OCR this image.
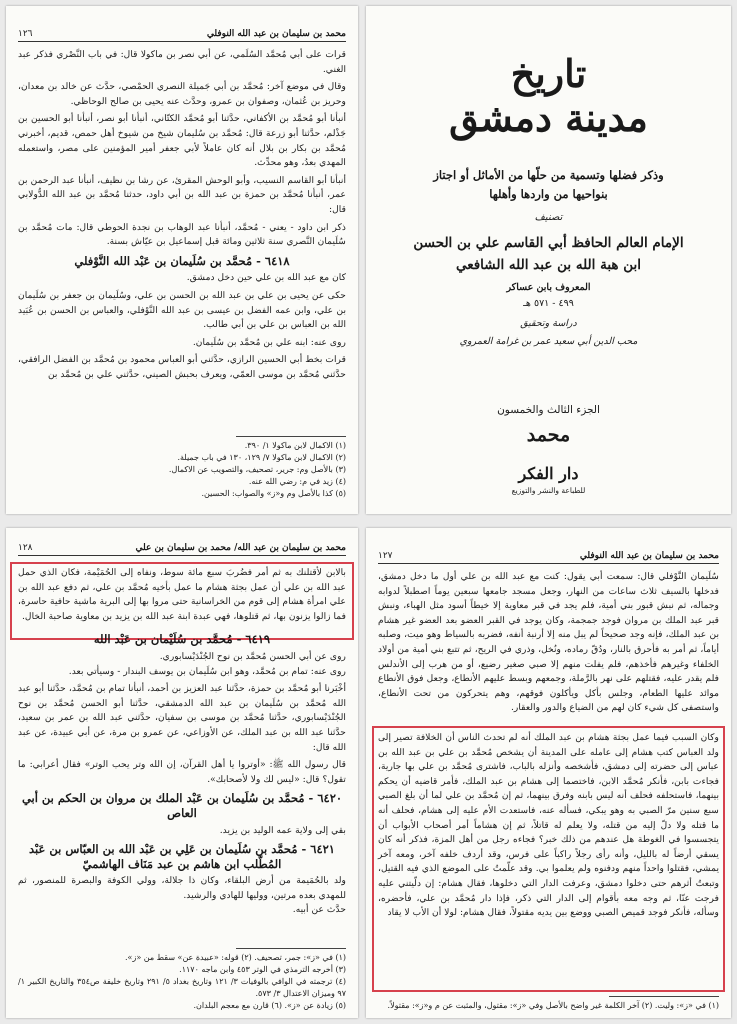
محمد بن سليمان بن عبد الله النوفلي
١٢٦

قرات على أبي مُحمَّد السُلَمي، عن أبي نصر بن ماكولا قال: في باب النَّصْري فذكر عبد الغني.

وقال في موضع آخر: مُحمَّد بن أبي جَميلة النصري الحمْصي، حدَّث عن خالد بن معدان، وحريز بن عُثمان، وصفوان بن عمرو، وحدَّث عنه يحيى بن صالح الوحاظي.

أنبأنا أبو مُحمَّد بن الأكفاني، حدَّثنا أبو مُحمَّد الكتّاني، أنبأنا أبو نصر، أنبأنا أبو الحسين بن جَذْلم، حدَّثنا أبو زرعة قال: مُحمَّد بن سُليمان شيخ من شيوخ أهل حمص، قديم، أخبرني مُحمَّد بن بكار بن بلال أنه كان عاملاً لأبي جعفر أمير المؤمنين على مصر، واستعمله المهدي بعدُ، وهو محدِّث.

أنبأنا أبو القاسم النسيب، وأبو الوحش المقرئ، عن رشا بن نظيف، أنبأنا عبد الرحمن بن عمر، أنبأنا مُحمَّد بن حمزة بن عبد الله بن أبي داود، حدثنا مُحمَّد بن عبد الله الدُّولابي قال:

ذكر ابن داود - يعني - مُحمَّد، أنبأنا عبد الوهاب بن نجدة الحوطي قال: مات مُحمَّد بن سُلَيمان النَّصري سنة ثلاثين ومائة قبل إسماعيل بن عيّاش بسنة.

٦٤١٨ - مُحمَّد بن سُلَيمان بن عَبْد الله النَّوْفلي

كان مع عبد الله بن علي حين دخل دمشق.

حكى عن يحيى بن علي بن عبد الله بن الحسن بن علي، وسُلَيمان بن جعفر بن سُلَيمان بن علي، وابن عمه الفضل بن عيسى بن عبد الله النَّوْفلي، والعباس بن الحسن بن عُبَيد الله بن العباس بن علي بن أبي طالب.

روى عنه: ابنه علي بن مُحمَّد بن سُلَيمان.

قرات بخط أبي الحسين الرازي، حدَّثني أبو العباس محمود بن مُحمَّد بن الفضل الرافقي، حدَّثني مُحمَّد بن موسى العمّي، ويعرف بحبش الصيني، حدَّثني علي بن مُحمَّد بن

(١) الاكمال لابن ماكولا ١/ ٣٩٠.
(٢) الاكمال لابن ماكولا ٧/ ١٢٩، ١٣٠ في باب جميلة.
(٣) بالأصل وم: جرير، تصحيف، والتصويب عن الاكمال.
(٤) زيد في م: رضي الله عنه.
(٥) كذا بالأصل وم و«ز» والصواب: الحسين.
تاريخ
مدينة دمشق
وذكر فضلها وتسمية من حلّها من الأماثل أو اجتاز
بنواحيها من واردها وأهلها
تصنيف
الإمام العالم الحافظ أبي القاسم علي بن الحسن
ابن هبة الله بن عبد الله الشافعي
المعروف بابن عساكر
٤٩٩ - ٥٧١ هـ
دراسة وتحقيق
محب الدين أبي سعيد عمر بن غرامة العمروي
الجزء الثالث والخمسون
محمد
دار الفكر
للطباعة والنشر والتوزيع
محمد بن سليمان بن عبد الله/ محمد بن سليمان بن علي
١٢٨

بالابن لأقتلنك به ثم أمر فضُربَ سبع مائة سوط، ونفاه إلى الحُمَيْمة، فكان الذي حمل عبد الله بن علي أن عمل بجثة هشام ما عمل بأخيه مُحمَّد بن علي، ثم دفع عبد الله بن علي امرأة هشام إلى قوم من الخراسانية حتى مروا بها إلى البرية ماشية حافية حاسرة، فما زالوا يزنون بها، ثم قتلوها، فهي عبدة ابنة عبد الله بن يزيد بن معاوية صاحبة الخال.

٦٤١٩ - مُحمَّد بن سُلَيْمان بن عَبْد الله

روى عن أبي الحسن مُحمَّد بن نوح الجُنْدَيْسابوري.

روى عنه: تمام بن مُحمَّد، وهو ابن سُلَيمان بن يوسف البندار - وسيأتي بعد.

أخْبَرنا أبو مُحمَّد بن حمزة، حدَّثنا عبد العزيز بن أحمد، أنبأنا تمام بن مُحمَّد، حدَّثنا أبو عبد الله مُحمَّد بن سُلَيمان بن عبد الله الدمشقي، حدَّثنا أبو الحسن مُحمَّد بن نوح الجُنْدَيْسابوري، حدَّثنا مُحمَّد بن موسى بن سفيان، حدَّثني عبد الله بن عمر بن سعيد، حدَّثنا عبد الله بن عبد الملك، عن الأوزاعي، عن عمرو بن مرة، عن أبي عبيدة، عن عبد الله قال:

قال رسول الله ﷺ: «أوتروا يا أهل القرآن، إن الله وتر يحب الوتر» فقال أعرابي: ما تقول؟ قال: «ليس لك ولا لأصحابك».

٦٤٢٠ - مُحمَّد بن سُلَيمان بن عَبْد الملك بن مروان بن الحكم بن أبي العاص

بقي إلى ولاية عمه الوليد بن يزيد.

٦٤٢١ - مُحمَّد بن سُلَيمان بن عَلِي بن عَبْد الله بن العبّاس بن عَبْد المُطّلب ابن هاشم بن عبد مَنَاف الهاشميّ

ولد بالحُمَيمة من أرض البلقاء، وكان ذا جلالة، وولي الكوفة والبصرة للمنصور، ثم للمهدي بعده مرتين، ووليها للهادي والرشيد.

حدَّث عن أبيه.

(١) في «ز»: جمر، تصحيف. (٢) قوله: «عبيدة عن» سقط من «ز».
(٣) أخرجه الترمذي في الوتر ٤٥٣ وابن ماجه ١١٧٠.
(٤) ترجمته في الوافي بالوفيات ٣/ ١٢١ وتاريخ بغداد ٥/ ٢٩١ وتاريخ خليفة ص٣٥٤ والتاريخ الكبير ١/ ٩٧ وميزان الاعتدال ٣/ ٥٧٣.
(٥) زيادة عن «ز». (٦) قارن مع معجم البلدان.
محمد بن سليمان بن عبد الله النوفلي
١٢٧

سُلَيمان النَّوْفلي قال: سمعت أبي يقول: كنت مع عبد الله بن علي أول ما دخل دمشق، فدخلها بالسيف ثلاث ساعات من النهار، وجعل مسجد جامعها سبعين يوماً اصطبلاً لدوابه وجماله، ثم نبش قبور بني أمية، فلم يجد في قبر معاوية إلا خيطاً أسود مثل الهباء، ونبش قبر عبد الملك بن مروان فوجد جمجمة، وكان يوجد في القبر العضو بعد العضو غير هشام بن عبد الملك، فإنه وجد صحيحاً لم يبل منه إلا أرنبة أنفه، فضربه بالسياط وهو ميت، وصلبه أياماً، ثم أمر به فأحرق بالنار، ودُقّ رماده، ونُخل، وذري في الريح، ثم تتبع بني أمية من أولاد الخلفاء وغيرهم فأخذهم، فلم يفلت منهم إلا صبي صغير رضيع، أو من هرب إلى الأندلس فلم يقدر عليه، فقتلهم على نهر بالرَّملة، وجمعهم وبسط عليهم الأنطاع، وجعل فوق الأنطاع موائد عليها الطعام، وجلس بأكل ويأكلون فوقهم، وهم يتحركون من تحت الأنطاع، واستصفى كل شيء كان لهم من الضياع والدور والعقار.

وكان السبب فيما عمل بجثة هشام بن عبد الملك أنه لم تحدث الناس أن الخلافة تصير إلى ولد العباس كتب هشام إلى عامله على المدينة أن يشخص مُحمَّد بن علي بن عبد الله بن عباس إلى حضرته إلى دمشق، فأشخصه وأنزله بالباب، فاشترى مُحمَّد بن علي بها جارية، فجاءت بابن، فأنكر مُحمَّد الابن، فاختصما إلى هشام بن عبد الملك، فأمر قاضيه أن يحكم بينهما، فاستحلفه فحلف أنه ليس بابنه وفرق بينهما، ثم إن مُحمَّد بن علي لما أن بلغ الصبي سبع سنين مرّ الصبي به وهو يبكي، فسأله عنه، فاستعدت الأم عليه إلى هشام، فحلف أنه ما قتله ولا دلّ إليه من قتله، ولا يعلم له قاتلاً، ثم إن هشاماً أمر أصحاب الأبواب أن يتجسسوا في الغوطة هل عندهم من ذلك خبر؟ فجاءه رجل من أهل المزة، فذكر أنه كان يسقي أرضاً له بالليل، وأنه رأى رجلاً راكباً على فرس، وقد أردف خلفه آخر، ومعه آخر يمشي، فقتلوا واحداً منهم ودفنوه ولم يعلموا بي. وقد علّمتُ على الموضع الذي فيه القتيل، وتبعتُ أثرهم حتى دخلوا دمشق، وعرفت الدار التي دخلوها، فقال هشام: إن دلّيتني عليه فرجت عنّا، ثم وجه معه بأقوام إلى الدار التي ذكر، فإذا دار مُحمَّد بن علي، فأحضره، وسأله، فأنكر فوجد قميص الصبي ووضع بين يديه مقتولاً، فقال هشام: لولا أن الأب لا يقاد

(١) في «ز»: وليت. (٢) آخر الكلمة غير واضح بالأصل وفي «ز»: مقتول، والمثبت عن م و«ز»: مقتولاً.
